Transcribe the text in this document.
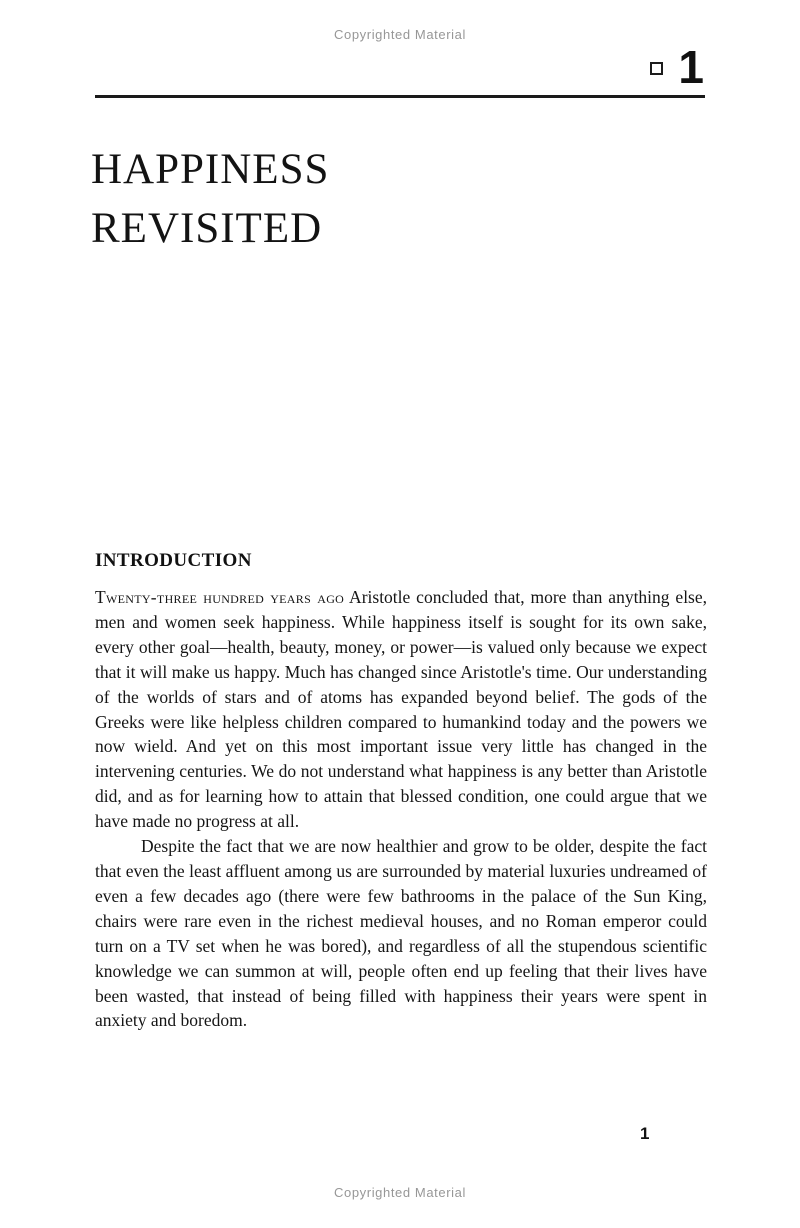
Copyrighted Material
1
HAPPINESS
REVISITED
INTRODUCTION

Twenty-three hundred years ago Aristotle concluded that, more than anything else, men and women seek happiness. While happiness itself is sought for its own sake, every other goal—health, beauty, money, or power—is valued only because we expect that it will make us happy. Much has changed since Aristotle's time. Our understanding of the worlds of stars and of atoms has expanded beyond belief. The gods of the Greeks were like helpless children compared to humankind today and the powers we now wield. And yet on this most important issue very little has changed in the intervening centuries. We do not understand what happiness is any better than Aristotle did, and as for learning how to attain that blessed condition, one could argue that we have made no progress at all.

Despite the fact that we are now healthier and grow to be older, despite the fact that even the least affluent among us are surrounded by material luxuries undreamed of even a few decades ago (there were few bathrooms in the palace of the Sun King, chairs were rare even in the richest medieval houses, and no Roman emperor could turn on a TV set when he was bored), and regardless of all the stupendous scientific knowledge we can summon at will, people often end up feeling that their lives have been wasted, that instead of being filled with happiness their years were spent in anxiety and boredom.

1
Copyrighted Material
